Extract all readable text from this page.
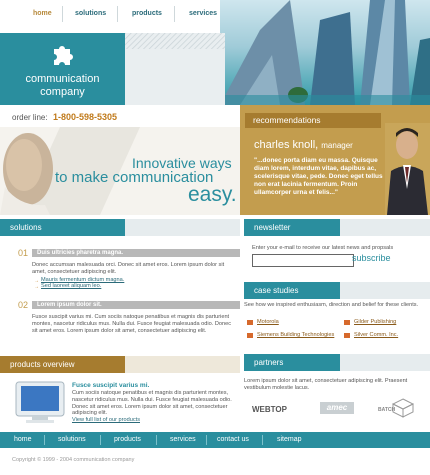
home	solutions	products	services
communication
company
order line: 1-800-598-5305
Innovative ways
to make communication
easy.
recommendations
charles knoll, manager
"...donec porta diam eu massa. Quisque diam lorem, interdum vitae, dapibus ac, scelerisque vitae, pede. Donec eget tellus non erat lacinia fermentum. Proin ullamcorper urna et felis..."
solutions
01	Duis ultricies pharetra magna.
Donec accumsan malesuada orci. Donec sit amet eros. Lorem ipsum dolor sit amet, consectetuer adipiscing elit.
→ Mauris fermentum dictum magna.
→ Sed laoreet aliquam leo.
02	Lorem ipsum dolor sit.
Fusce suscipit varius mi. Cum sociis natoque penatibus et magnis dis parturient montes, nascetur ridiculus mus. Nulla dui. Fusce feugiat malesuada odio. Donec sit amet eros. Lorem ipsum dolor sit amet, consectetuer adipiscing elit.
products overview
Fusce suscipit varius mi.
Cum sociis natoque penatibus et magnis dis parturient montes, nascetur ridiculus mus. Nulla dui. Fusce feugiat malesuada odio. Donec sit amet eros. Lorem ipsum dolor sit amet, consectetuer adipiscing elit.
View full list of our products
newsletter
Enter your e-mail to receive our latest news and propsals
subscribe
case studies
See how we inspired enthusiasm, direction and belief for these clients.
Motorola	Gilder Publishing
Siemens Building Technologies	Silver Comm. Inc.
partners
Lorem ipsum dolor sit amet, consectetuer adipiscing elit. Praesent vestibulum molestie lacus.
WEBTOP	amec	BATCH
home	solutions	products	services	contact us	sitemap
Copyright © 1999 - 2004 communication company
